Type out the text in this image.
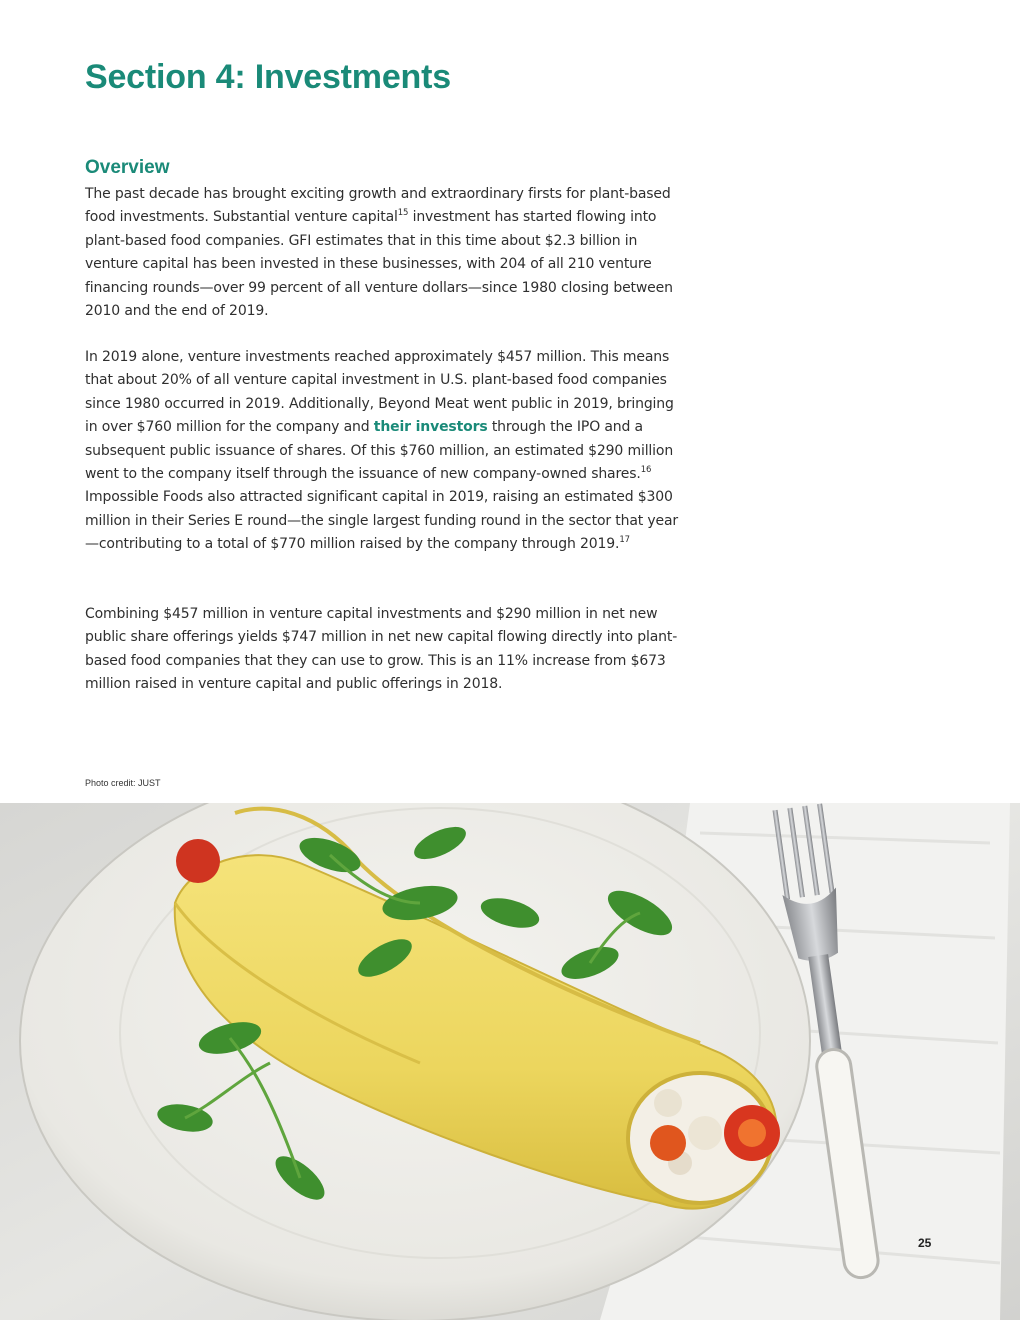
Section 4: Investments
Overview

The past decade has brought exciting growth and extraordinary firsts for plant-based food investments. Substantial venture capital$^{15}$ investment has started flowing into plant-based food companies. GFI estimates that in this time about $2.3 billion in venture capital has been invested in these businesses, with 204 of all 210 venture financing rounds—over 99 percent of all venture dollars—since 1980 closing between 2010 and the end of 2019.

In 2019 alone, venture investments reached approximately $457 million. This means that about 20% of all venture capital investment in U.S. plant-based food companies since 1980 occurred in 2019. Additionally, Beyond Meat went public in 2019, bringing in over $760 million for the company and their investors through the IPO and a subsequent public issuance of shares. Of this $760 million, an estimated $290 million went to the company itself through the issuance of new company-owned shares.$^{16}$ Impossible Foods also attracted significant capital in 2019, raising an estimated $300 million in their Series E round—the single largest funding round in the sector that year—contributing to a total of $770 million raised by the company through 2019.17

Combining $457 million in venture capital investments and $290 million in net new public share offerings yields $747 million in net new capital flowing directly into plant-based food companies that they can use to grow. This is an 11% increase from $673 million raised in venture capital and public offerings in 2018.

Photo credit: JUST

25
